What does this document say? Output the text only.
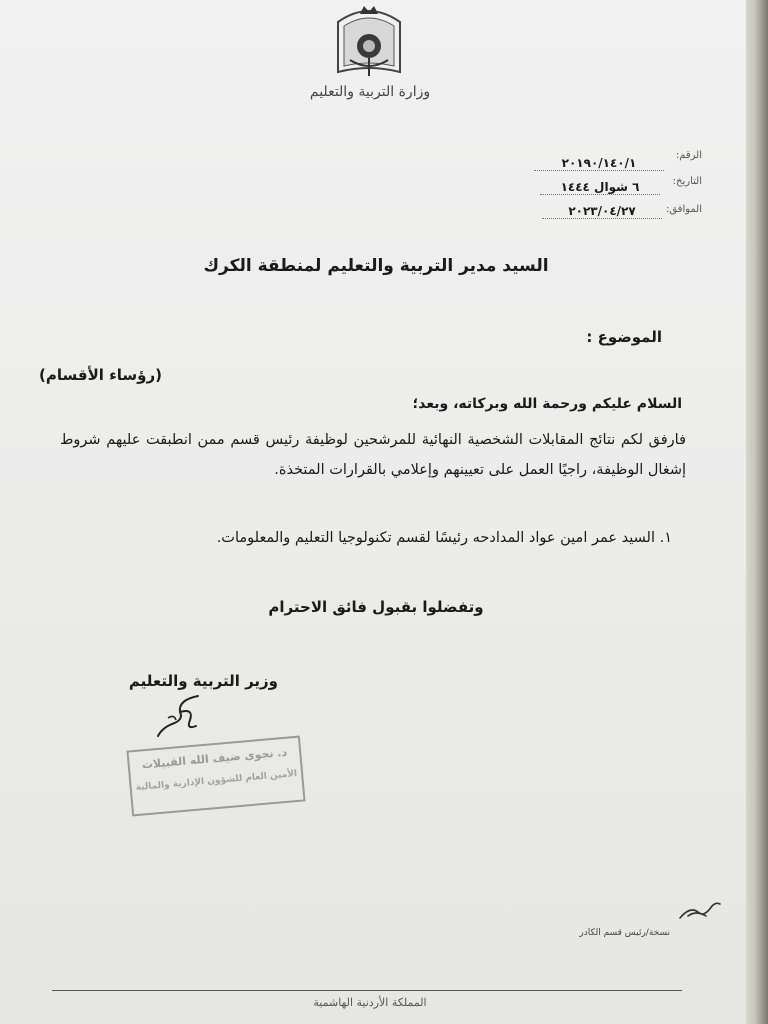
وزارة التربية والتعليم
الرقم:
٢٠١٩٠/١٤٠/١
التاريخ:
٦ شوال ١٤٤٤
الموافق:
٢٠٢٣/٠٤/٢٧
السيد مدير التربية والتعليم لمنطقة الكرك
الموضوع :
(رؤساء الأقسام)
السلام عليكم ورحمة الله وبركاته، وبعد؛
فارفق لكم نتائج المقابلات الشخصية النهائية للمرشحين لوظيفة رئيس قسم ممن انطبقت عليهم شروط إشغال الوظيفة، راجيًا العمل على تعيينهم وإعلامي بالقرارات المتخذة.
١. السيد عمر امين عواد المدادحه رئيسًا لقسم تكنولوجيا التعليم والمعلومات.
وتفضلوا بقبول فائق الاحترام
وزير التربية والتعليم
د. نجوى ضيف الله القبيلات
الأمين العام للشؤون الإدارية والمالية
نسخة/رئيس قسم الكادر
المملكة الأردنية الهاشمية
